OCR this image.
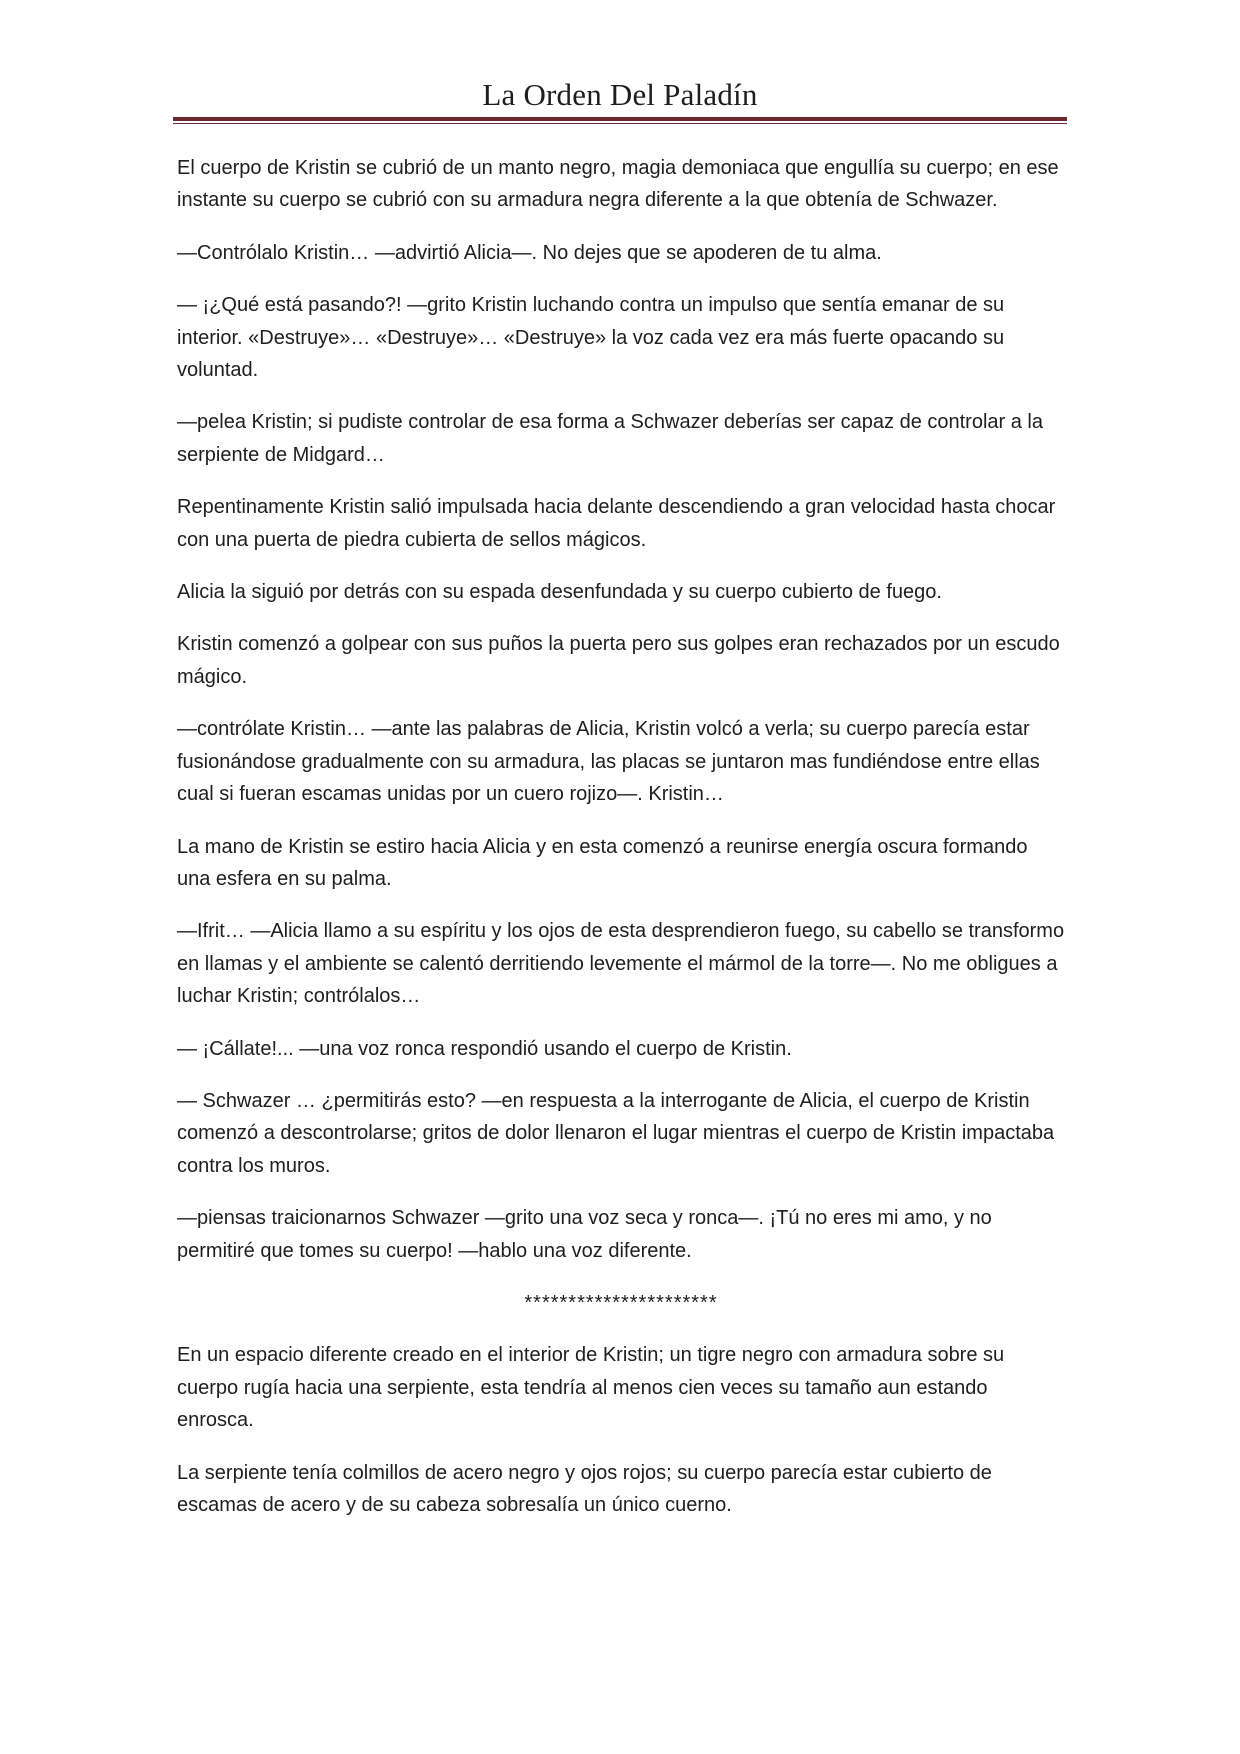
La Orden Del Paladín

El cuerpo de Kristin se cubrió de un manto negro, magia demoniaca que engullía su cuerpo; en ese instante su cuerpo se cubrió con su armadura negra diferente a la que obtenía de Schwazer.

—Contrólalo Kristin… —advirtió Alicia—. No dejes que se apoderen de tu alma.

— ¡¿Qué está pasando?! —grito Kristin luchando contra un impulso que sentía emanar de su interior. «Destruye»… «Destruye»… «Destruye» la voz cada vez era más fuerte opacando su voluntad.

—pelea Kristin; si pudiste controlar de esa forma a Schwazer deberías ser capaz de controlar a la serpiente de Midgard…

Repentinamente Kristin salió impulsada hacia delante descendiendo a gran velocidad hasta chocar con una puerta de piedra cubierta de sellos mágicos.

Alicia la siguió por detrás con su espada desenfundada y su cuerpo cubierto de fuego.

Kristin comenzó a golpear con sus puños la puerta pero sus golpes eran rechazados por un escudo mágico.

—contrólate Kristin… —ante las palabras de Alicia, Kristin volcó a verla; su cuerpo parecía estar fusionándose gradualmente con su armadura, las placas se juntaron mas fundiéndose entre ellas cual si fueran escamas unidas por un cuero rojizo—. Kristin…

La mano de Kristin se estiro hacia Alicia y en esta comenzó a reunirse energía oscura formando una esfera en su palma.

—Ifrit… —Alicia llamo a su espíritu y los ojos de esta desprendieron fuego, su cabello se transformo en llamas y el ambiente se calentó derritiendo levemente el mármol de la torre—. No me obligues a luchar Kristin; contrólalos…

— ¡Cállate!... —una voz ronca respondió usando el cuerpo de Kristin.

— Schwazer … ¿permitirás esto? —en respuesta a la interrogante de Alicia, el cuerpo de Kristin comenzó a descontrolarse; gritos de dolor llenaron el lugar mientras el cuerpo de Kristin impactaba contra los muros.

—piensas traicionarnos Schwazer —grito una voz seca y ronca—. ¡Tú no eres mi amo, y no permitiré que tomes su cuerpo! —hablo una voz diferente.

**********************

En un espacio diferente creado en el interior de Kristin; un tigre negro con armadura sobre su cuerpo rugía hacia una serpiente, esta tendría al menos cien veces su tamaño aun estando enrosca.

La serpiente tenía colmillos de acero negro y ojos rojos; su cuerpo parecía estar cubierto de escamas de acero y de su cabeza sobresalía un único cuerno.
